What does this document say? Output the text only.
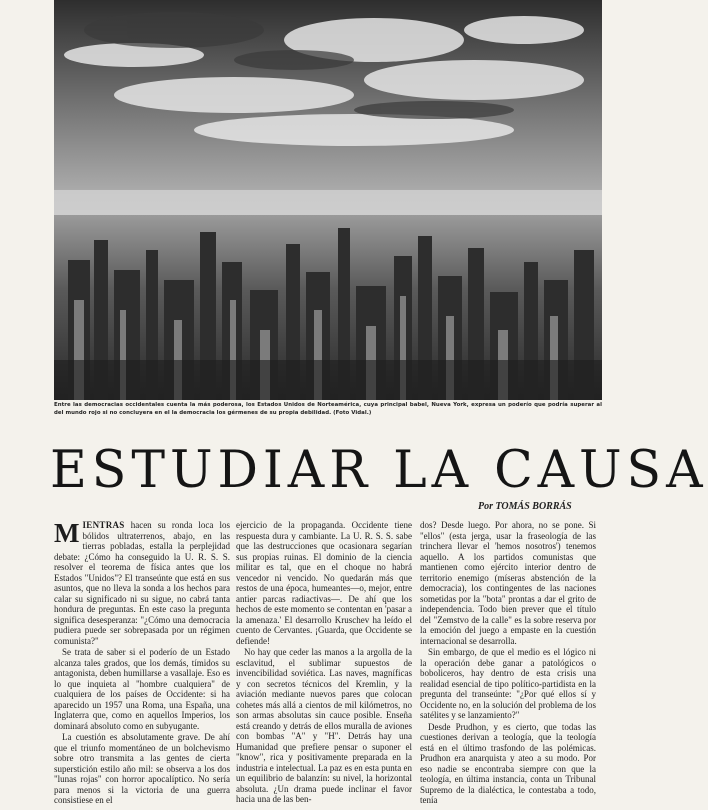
Entre las democracias occidentales cuenta la más poderosa, los Estados Unidos de Norteamérica, cuya principal babel, Nueva York, expresa un poderío que podría superar al del mundo rojo si no concluyera en el la democracia los gérmenes de su propia debilidad. (Foto Vidal.)
ESTUDIAR LA CAUSA
Por TOMÁS BORRÁS

MIENTRAS hacen su ronda loca los bólidos ultraterrenos, abajo, en las tierras pobladas, estalla la perplejidad debate: ¿Cómo ha conseguido la U. R. S. S. resolver el teorema de física antes que los Estados "Unidos"? El transeúnte que está en sus asuntos, que no lleva la sonda a los hechos para calar su significado ni su sigue, no cabrá tanta hondura de preguntas. En este caso la pregunta significa desesperanza: "¿Cómo una democracia pudiera puede ser sobrepasada por un régimen comunista?"

Se trata de saber si el poderío de un Estado alcanza tales grados, que los demás, tímidos su antagonista, deben humillarse a vasallaje. Eso es lo que inquieta al "hombre cualquiera" de cualquiera de los países de Occidente: si ha aparecido un 1957 una Roma, una España, una Inglaterra que, como en aquellos Imperios, los dominará absoluto como en subyugante.

La cuestión es absolutamente grave. De ahí que el triunfo momentáneo de un bolchevismo sobre otro transmita a las gentes de cierta superstición estilo año mil: se observa a los dos "lunas rojas" con horror apocalíptico. No sería para menos si la victoria de una guerra consistiese en el

ejercicio de la propaganda. Occidente tiene respuesta dura y cambiante. La U. R. S. S. sabe que las destrucciones que ocasionara segarían sus propias ruinas. El dominio de la ciencia militar es tal, que en el choque no habrá vencedor ni vencido. No quedarán más que restos de una época, humeantes—o, mejor, entre antier parcas radiactivas—. De ahí que los hechos de este momento se contentan en 'pasar a la amenaza.' El desarrollo Kruschev ha leído el cuento de Cervantes. ¡Guarda, que Occidente se defiende!

No hay que ceder las manos a la argolla de la esclavitud, el sublimar supuestos de invencibilidad soviética. Las naves, magníficas y con secretos técnicos del Kremlin, y la aviación mediante nuevos pares que colocan cohetes más allá a cientos de mil kilómetros, no son armas absolutas sin cauce posible. Enseña está creando y detrás de ellos muralla de aviones con bombas "A" y "H". Detrás hay una Humanidad que prefiere pensar o suponer el "know", rica y positivamente preparada en la industria e intelectual. La paz es en esta punta en un equilibrio de balanzín: su nivel, la horizontal absoluta. ¿Un drama puede inclinar el favor hacia una de las ben-

dos? Desde luego. Por ahora, no se pone. Si "ellos" (esta jerga, usar la fraseología de las trinchera llevar el 'hemos nosotros') tenemos aquello. A los partidos comunistas que mantienen como ejército interior dentro de territorio enemigo (míseras abstención de la democracia), los contingentes de las naciones sometidas por la "bota" prontas a dar el grito de independencia. Todo bien prever que el título del "Zemstvo de la calle" es la sobre reserva por la emoción del juego a empaste en la cuestión internacional se desarrolla.

Sin embargo, de que el medio es el lógico ni la operación debe ganar a patológicos o boboliceros, hay dentro de esta crisis una realidad esencial de tipo político-partidista en la pregunta del transeúnte: "¿Por qué ellos sí y Occidente no, en la solución del problema de los satélites y se lanzamiento?"

Desde Prudhon, y es cierto, que todas las cuestiones derivan a teología, que la teología está en el último trasfondo de las polémicas. Prudhon era anarquista y ateo a su modo. Por eso nadie se encontraba siempre con que la teología, en última instancia, conta un Tribunal Supremo de la dialéctica, le contestaba a todo, tenía
